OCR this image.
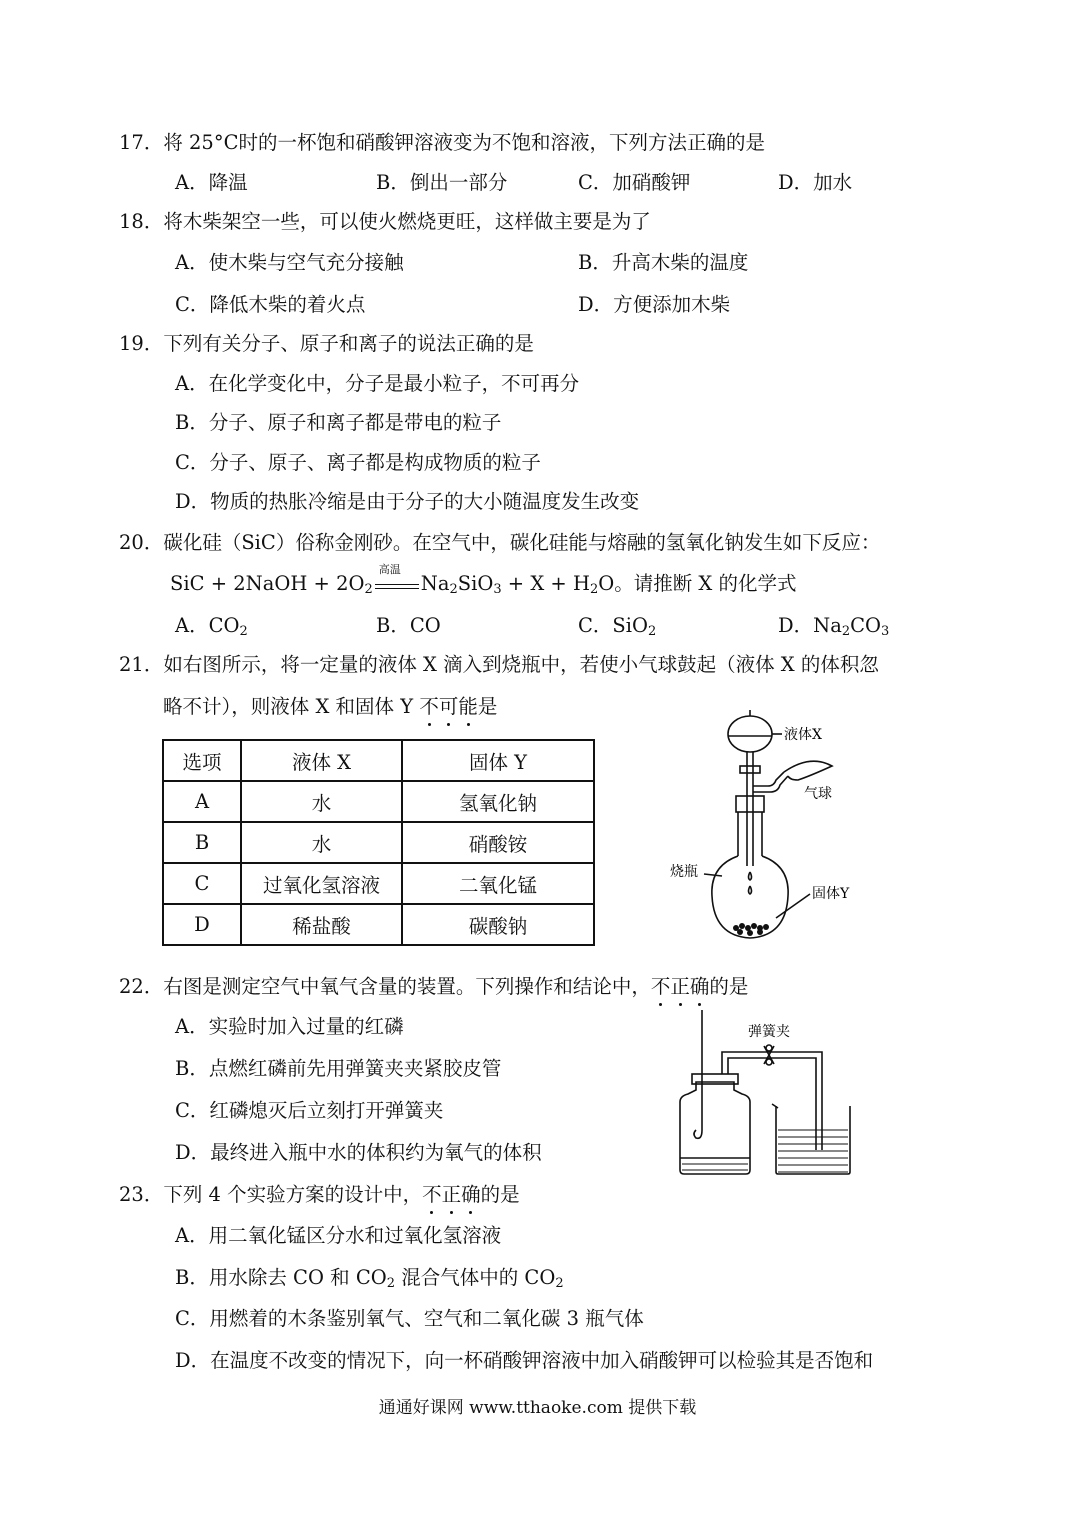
17．将 25°C时的一杯饱和硝酸钾溶液变为不饱和溶液，下列方法正确的是
A．降温	B．倒出一部分	C．加硝酸钾	D．加水
18．将木柴架空一些，可以使火燃烧更旺，这样做主要是为了
A．使木柴与空气充分接触	B．升高木柴的温度
C．降低木柴的着火点	D．方便添加木柴
19．下列有关分子、原子和离子的说法正确的是
A．在化学变化中，分子是最小粒子，不可再分
B．分子、原子和离子都是带电的粒子
C．分子、原子、离子都是构成物质的粒子
D．物质的热胀冷缩是由于分子的大小随温度发生改变
20．碳化硅（SiC）俗称金刚砂。在空气中，碳化硅能与熔融的氢氧化钠发生如下反应：
SiC + 2NaOH + $2O_2$
高温
$Na_2SiO_3 + X + H_2O$。请推断 X 的化学式
A．$CO_2$	B．CO	C．SiO$_2$	D．$Na_2CO_3$
21．如右图所示，将一定量的液体 X 滴入到烧瓶中，若使小气球鼓起（液体 X 的体积忽
略不计），则液体 X 和固体 Y 不可能是
选项	液体 X	固体 Y
A	水	氢氧化钠
B	水	硝酸铵
C	过氧化氢溶液	二氧化锰
D	稀盐酸	碳酸钠
液体X
气球
烧瓶
固体Y
22．右图是测定空气中氧气含量的装置。下列操作和结论中，不正确的是
A．实验时加入过量的红磷
B．点燃红磷前先用弹簧夹夹紧胶皮管
C．红磷熄灭后立刻打开弹簧夹
D．最终进入瓶中水的体积约为氧气的体积
弹簧夹
23．下列 4 个实验方案的设计中，不正确的是
A．用二氧化锰区分水和过氧化氢溶液
B．用水除去 CO 和 $CO_2$ 混合气体中的 $CO_2$
C．用燃着的木条鉴别氧气、空气和二氧化碳 3 瓶气体
D．在温度不改变的情况下，向一杯硝酸钾溶液中加入硝酸钾可以检验其是否饱和
通通好课网 www.tthaoke.com 提供下载
